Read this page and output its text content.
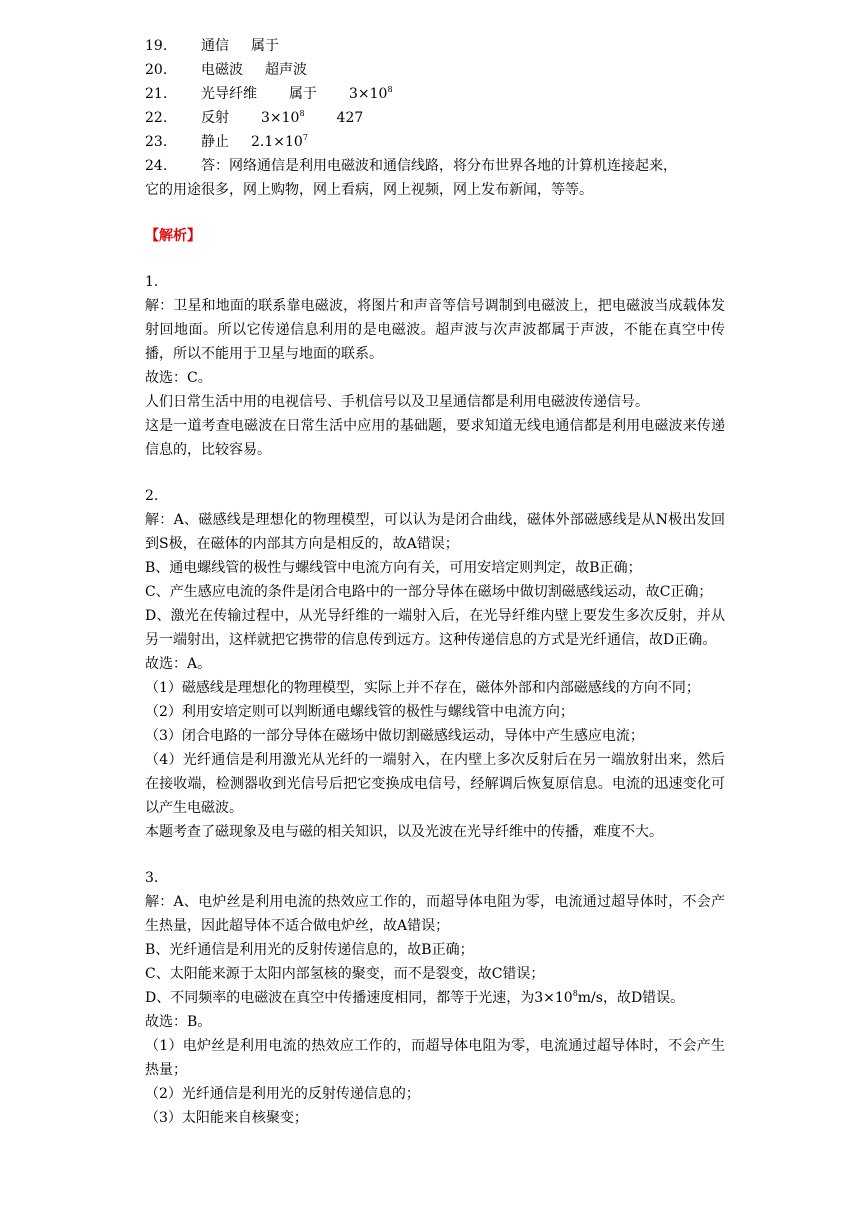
19. 通信 属于
20. 电磁波 超声波
21. 光导纤维 属于 $3\times 10^8$
22. 反射 $3\times 10^8$ 427
23. 静止 $2.1\times 10^7$
24. 答：网络通信是利用电磁波和通信线路，将分布世界各地的计算机连接起来，
它的用途很多，网上购物，网上看病，网上视频，网上发布新闻，等等。
【解析】
1.
解：卫星和地面的联系靠电磁波，将图片和声音等信号调制到电磁波上，把电磁波当成载体发射回地面。所以它传递信息利用的是电磁波。超声波与次声波都属于声波，不能在真空中传播，所以不能用于卫星与地面的联系。
故选：C。
人们日常生活中用的电视信号、手机信号以及卫星通信都是利用电磁波传递信号。
这是一道考查电磁波在日常生活中应用的基础题，要求知道无线电通信都是利用电磁波来传递信息的，比较容易。
2.
解：A、磁感线是理想化的物理模型，可以认为是闭合曲线，磁体外部磁感线是从N极出发回到S极，在磁体的内部其方向是相反的，故A错误；
B、通电螺线管的极性与螺线管中电流方向有关，可用安培定则判定，故B正确；
C、产生感应电流的条件是闭合电路中的一部分导体在磁场中做切割磁感线运动，故C正确；
D、激光在传输过程中，从光导纤维的一端射入后，在光导纤维内壁上要发生多次反射，并从另一端射出，这样就把它携带的信息传到远方。这种传递信息的方式是光纤通信，故D正确。
故选：A。
（1）磁感线是理想化的物理模型，实际上并不存在，磁体外部和内部磁感线的方向不同；
（2）利用安培定则可以判断通电螺线管的极性与螺线管中电流方向；
（3）闭合电路的一部分导体在磁场中做切割磁感线运动，导体中产生感应电流；
（4）光纤通信是利用激光从光纤的一端射入，在内壁上多次反射后在另一端放射出来，然后在接收端，检测器收到光信号后把它变换成电信号，经解调后恢复原信息。电流的迅速变化可以产生电磁波。
本题考查了磁现象及电与磁的相关知识，以及光波在光导纤维中的传播，难度不大。
3.
解：A、电炉丝是利用电流的热效应工作的，而超导体电阻为零，电流通过超导体时，不会产生热量，因此超导体不适合做电炉丝，故A错误；
B、光纤通信是利用光的反射传递信息的，故B正确；
C、太阳能来源于太阳内部氢核的聚变，而不是裂变，故C错误；
D、不同频率的电磁波在真空中传播速度相同，都等于光速，为$3\times 10^8m/s$，故D错误。
故选：B。
（1）电炉丝是利用电流的热效应工作的，而超导体电阻为零，电流通过超导体时，不会产生热量；
（2）光纤通信是利用光的反射传递信息的；
（3）太阳能来自核聚变；
